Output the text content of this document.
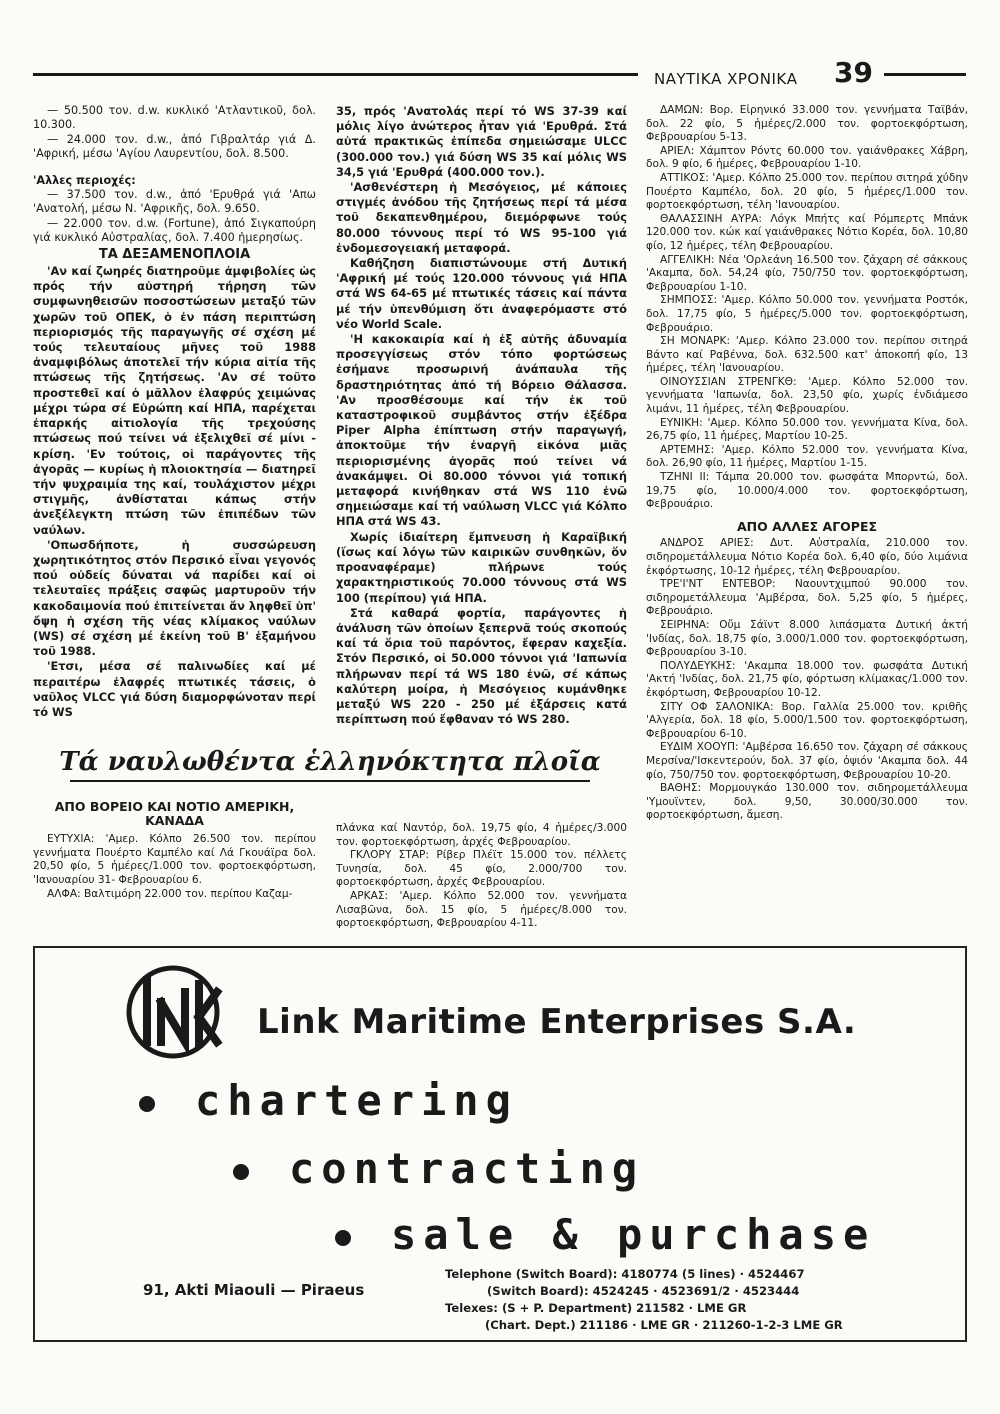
ΝΑΥΤΙΚΑ ΧΡΟΝΙΚΑ 39

— 50.500 τον. d.w. κυκλικό 'Ατλαντικοῦ, δολ. 10.300.

— 24.000 τον. d.w., ἀπό Γιβραλτάρ γιά Δ. 'Αφρική, μέσω 'Αγίου Λαυρεντίου, δολ. 8.500.

'Αλλες περιοχές:

— 37.500 τον. d.w., ἀπό 'Ερυθρά γιά 'Απω 'Ανατολή, μέσω Ν. 'Αφρικῆς, δολ. 9.650.

— 22.000 τον. d.w. (Fortune), ἀπό Σιγκαπούρη γιά κυκλικό Αὐστραλίας, δολ. 7.400 ἡμερησίως.

ΤΑ ΔΕΞΑΜΕΝΟΠΛΟΙΑ

'Αν καί ζωηρές διατηροῦμε ἀμφιβολίες ὡς πρός τήν αὐστηρή τήρηση τῶν συμφωνηθεισῶν ποσοστώσεων μεταξύ τῶν χωρῶν τοῦ ΟΠΕΚ, ὁ ἐν πάση περιπτώση περιορισμός τῆς παραγωγῆς σέ σχέση μέ τούς τελευταίους μῆνες τοῦ 1988 ἀναμφιβόλως ἀποτελεῖ τήν κύρια αἰτία τῆς πτώσεως τῆς ζητήσεως. 'Αν σέ τοῦτο προστεθεῖ καί ὁ μᾶλλον ἐλαφρύς χειμώνας μέχρι τώρα σέ Εὐρώπη καί ΗΠΑ, παρέχεται ἐπαρκής αἰτιολογία τῆς τρεχούσης πτώσεως πού τείνει νά ἐξελιχθεῖ σέ μίνι - κρίση. 'Εν τούτοις, οἱ παράγοντες τῆς ἀγορᾶς — κυρίως ἡ πλοιοκτησία — διατηρεῖ τήν ψυχραιμία της καί, τουλάχιστον μέχρι στιγμῆς, ἀνθίσταται κάπως στήν ἀνεξέλεγκτη πτώση τῶν ἐπιπέδων τῶν ναύλων.

'Οπωσδήποτε, ἡ συσσώρευση χωρητικότητος στόν Περσικό εἶναι γεγονός πού οὐδείς δύναται νά παρίδει καί οἱ τελευταῖες πράξεις σαφῶς μαρτυροῦν τήν κακοδαιμονία πού ἐπιτείνεται ἄν ληφθεῖ ὑπ' ὄψη ἡ σχέση τῆς νέας κλίμακος ναύλων (WS) σέ σχέση μέ ἐκείνη τοῦ Β' ἑξαμήνου τοῦ 1988.

'Ετσι, μέσα σέ παλινωδίες καί μέ περαιτέρω ἐλαφρές πτωτικές τάσεις, ὁ ναῦλος VLCC γιά δύση διαμορφώνοταν περί τό WS

35, πρός 'Ανατολάς περί τό WS 37-39 καί μόλις λίγο ἀνώτερος ἦταν γιά 'Ερυθρά. Στά αὐτά πρακτικῶς ἐπίπεδα σημειώσαμε ULCC (300.000 τον.) γιά δύση WS 35 καί μόλις WS 34,5 γιά 'Ερυθρά (400.000 τον.).

'Ασθενέστερη ἡ Μεσόγειος, μέ κάποιες στιγμές ἀνόδου τῆς ζητήσεως περί τά μέσα τοῦ δεκαπενθημέρου, διεμόρφωνε τούς 80.000 τόννους περί τό WS 95-100 γιά ἐνδομεσογειακή μεταφορά.

Καθήζηση διαπιστώνουμε στή Δυτική 'Αφρική μέ τούς 120.000 τόννους γιά ΗΠΑ στά WS 64-65 μέ πτωτικές τάσεις καί πάντα μέ τήν ὑπενθύμιση ὅτι ἀναφερόμαστε στό νέο World Scale.

'Η κακοκαιρία καί ἡ ἐξ αὐτῆς ἀδυναμία προσεγγίσεως στόν τόπο φορτώσεως ἐσήμανε προσωρινή ἀνάπαυλα τῆς δραστηριότητας ἀπό τή Βόρειο Θάλασσα. 'Αν προσθέσουμε καί τήν ἐκ τοῦ καταστροφικοῦ συμβάντος στήν ἐξέδρα Piper Alpha ἐπίπτωση στήν παραγωγή, ἀποκτοῦμε τήν ἐναργῆ εἰκόνα μιᾶς περιορισμένης ἀγορᾶς πού τείνει νά ἀνακάμψει. Οἱ 80.000 τόννοι γιά τοπική μεταφορά κινήθηκαν στά WS 110 ἐνῶ σημειώσαμε καί τή ναύλωση VLCC γιά Κόλπο ΗΠΑ στά WS 43.

Χωρίς ἰδιαίτερη ἔμπνευση ἡ Καραϊβική (ἴσως καί λόγω τῶν καιρικῶν συνθηκῶν, ὅν προαναφέραμε) πλήρωνε τούς χαρακτηριστικούς 70.000 τόννους στά WS 100 (περίπου) γιά ΗΠΑ.

Στά καθαρά φορτία, παράγοντες ἡ ἀνάλυση τῶν ὁποίων ξεπερνᾶ τούς σκοπούς καί τά ὅρια τοῦ παρόντος, ἔφεραν καχεξία. Στόν Περσικό, οἱ 50.000 τόννοι γιά 'Ιαπωνία πλήρωναν περί τά WS 180 ἐνῶ, σέ κάπως καλύτερη μοίρα, ἡ Μεσόγειος κυμάνθηκε μεταξύ WS 220 - 250 μέ ἐξάρσεις κατά περίπτωση πού ἔφθαναν τό WS 280.

ΔΑΜΩΝ: Βορ. Εἰρηνικό 33.000 τον. γεννήματα Ταϊβάν, δολ. 22 φίο, 5 ἡμέρες/2.000 τον. φορτοεκφόρτωση, Φεβρουαρίου 5-13.

ΑΡΙΕΛ: Χάμπτον Ρόντς 60.000 τον. γαιάνθρακες Χάβρη, δολ. 9 φίο, 6 ἡμέρες, Φεβρουαρίου 1-10.

ΑΤΤΙΚΟΣ: 'Αμερ. Κόλπο 25.000 τον. περίπου σιτηρά χύδην Πουέρτο Καμπέλο, δολ. 20 φίο, 5 ἡμέρες/1.000 τον. φορτοεκφόρτωση, τέλη 'Ιανουαρίου.

ΘΑΛΑΣΣΙΝΗ ΑΥΡΑ: Λόγκ Μπήτς καί Ρόμπερτς Μπάνκ 120.000 τον. κώκ καί γαιάνθρακες Νότιο Κορέα, δολ. 10,80 φίο, 12 ἡμέρες, τέλη Φεβρουαρίου.

ΑΓΓΕΛΙΚΗ: Νέα 'Ορλεάνη 16.500 τον. ζάχαρη σέ σάκκους 'Ακαμπα, δολ. 54,24 φίο, 750/750 τον. φορτοεκφόρτωση, Φεβρουαρίου 1-10.

ΣΗΜΠΟΣΣ: 'Αμερ. Κόλπο 50.000 τον. γεννήματα Ροστόκ, δολ. 17,75 φίο, 5 ἡμέρες/5.000 τον. φορτοεκφόρτωση, Φεβρουάριο.

ΣΗ ΜΟΝΑΡΚ: 'Αμερ. Κόλπο 23.000 τον. περίπου σιτηρά Βάντο καί Ραβέννα, δολ. 632.500 κατ' ἀποκοπή φίο, 13 ἡμέρες, τέλη 'Ιανουαρίου.

ΟΙΝΟΥΣΣΙΑΝ ΣΤΡΕΝΓΚΘ: 'Αμερ. Κόλπο 52.000 τον. γεννήματα 'Ιαπωνία, δολ. 23,50 φίο, χωρίς ἐνδιάμεσο λιμάνι, 11 ἡμέρες, τέλη Φεβρουαρίου.

ΕΥΝΙΚΗ: 'Αμερ. Κόλπο 50.000 τον. γεννήματα Κίνα, δολ. 26,75 φίο, 11 ἡμέρες, Μαρτίου 10-25.

ΑΡΤΕΜΗΣ: 'Αμερ. Κόλπο 52.000 τον. γεννήματα Κίνα, δολ. 26,90 φίο, 11 ἡμέρες, Μαρτίου 1-15.

ΤΖΗΝΙ ΙΙ: Τάμπα 20.000 τον. φωσφάτα Μπορντώ, δολ. 19,75 φίο, 10.000/4.000 τον. φορτοεκφόρτωση, Φεβρουάριο.

ΑΠΟ ΑΛΛΕΣ ΑΓΟΡΕΣ

ΑΝΔΡΟΣ ΑΡΙΕΣ: Δυτ. Αὐστραλία, 210.000 τον. σιδηρομετάλλευμα Νότιο Κορέα δολ. 6,40 φίο, δύο λιμάνια ἐκφόρτωσης, 10-12 ἡμέρες, τέλη Φεβρουαρίου.

ΤΡΕ'Ι'ΝΤ ΕΝΤΕΒΟΡ: Ναουντχιμπού 90.000 τον. σιδηρομετάλλευμα 'Αμβέρσα, δολ. 5,25 φίο, 5 ἡμέρες, Φεβρουάριο.

ΣΕΙΡΗΝΑ: Οὔμ Σάϊντ 8.000 λιπάσματα Δυτική ἀκτή 'Ινδίας, δολ. 18,75 φίο, 3.000/1.000 τον. φορτοεκφόρτωση, Φεβρουαρίου 3-10.

ΠΟΛΥΔΕΥΚΗΣ: 'Ακαμπα 18.000 τον. φωσφάτα Δυτική 'Ακτή 'Ινδίας, δολ. 21,75 φίο, φόρτωση κλίμακας/1.000 τον. ἐκφόρτωση, Φεβρουαρίου 10-12.

ΣΙΤΥ ΟΦ ΣΑΛΟΝΙΚΑ: Βορ. Γαλλία 25.000 τον. κριθῆς 'Αλγερία, δολ. 18 φίο, 5.000/1.500 τον. φορτοεκφόρτωση, Φεβρουαρίου 6-10.

ΕΥΔΙΜ ΧΟΟΥΠ: 'Αμβέρσα 16.650 τον. ζάχαρη σέ σάκκους Μερσίνα/'Ισκεντερούν, δολ. 37 φίο, ὀψιόν 'Ακαμπα δολ. 44 φίο, 750/750 τον. φορτοεκφόρτωση, Φεβρουαρίου 10-20.

ΒΑΘΗΣ: Μορμουγκάο 130.000 τον. σιδηρομετάλλευμα 'Υμουϊντεν, δολ. 9,50, 30.000/30.000 τον. φορτοεκφόρτωση, ἄμεση.

Τά ναυλωθέντα ἑλληνόκτητα πλοῖα
ΑΠΟ ΒΟΡΕΙΟ ΚΑΙ ΝΟΤΙΟ ΑΜΕΡΙΚΗ,
ΚΑΝΑΔΑ

ΕΥΤΥΧΙΑ: 'Αμερ. Κόλπο 26.500 τον. περίπου γεννήματα Πουέρτο Καμπέλο καί Λά Γκουάϊρα δολ. 20,50 φίο, 5 ἡμέρες/1.000 τον. φορτοεκφόρτωση, 'Ιανουαρίου 31- Φεβρουαρίου 6.

ΑΛΦΑ: Βαλτιμόρη 22.000 τον. περίπου Καζαμ-

πλάνκα καί Ναντόρ, δολ. 19,75 φίο, 4 ἡμέρες/3.000 τον. φορτοεκφόρτωση, ἀρχές Φεβρουαρίου.

ΓΚΛΟΡΥ ΣΤΑΡ: Ρίβερ Πλέϊτ 15.000 τον. πέλλετς Τυνησία, δολ. 45 φίο, 2.000/700 τον. φορτοεκφόρτωση, ἀρχές Φεβρουαρίου.

ΑΡΚΑΣ: 'Αμερ. Κόλπο 52.000 τον. γεννήματα Λισαβῶνα, δολ. 15 φίο, 5 ἡμέρες/8.000 τον. φορτοεκφόρτωση, Φεβρουαρίου 4-11.

Link Maritime Enterprises S.A.
chartering
contracting
sale & purchase
91, Akti Miaouli — Piraeus
Telephone (Switch Board): 4180774 (5 lines) · 4524467
(Switch Board): 4524245 · 4523691/2 · 4523444
Telexes: (S + P. Department) 211582 · LME GR
(Chart. Dept.) 211186 · LME GR · 211260-1-2-3 LME GR
